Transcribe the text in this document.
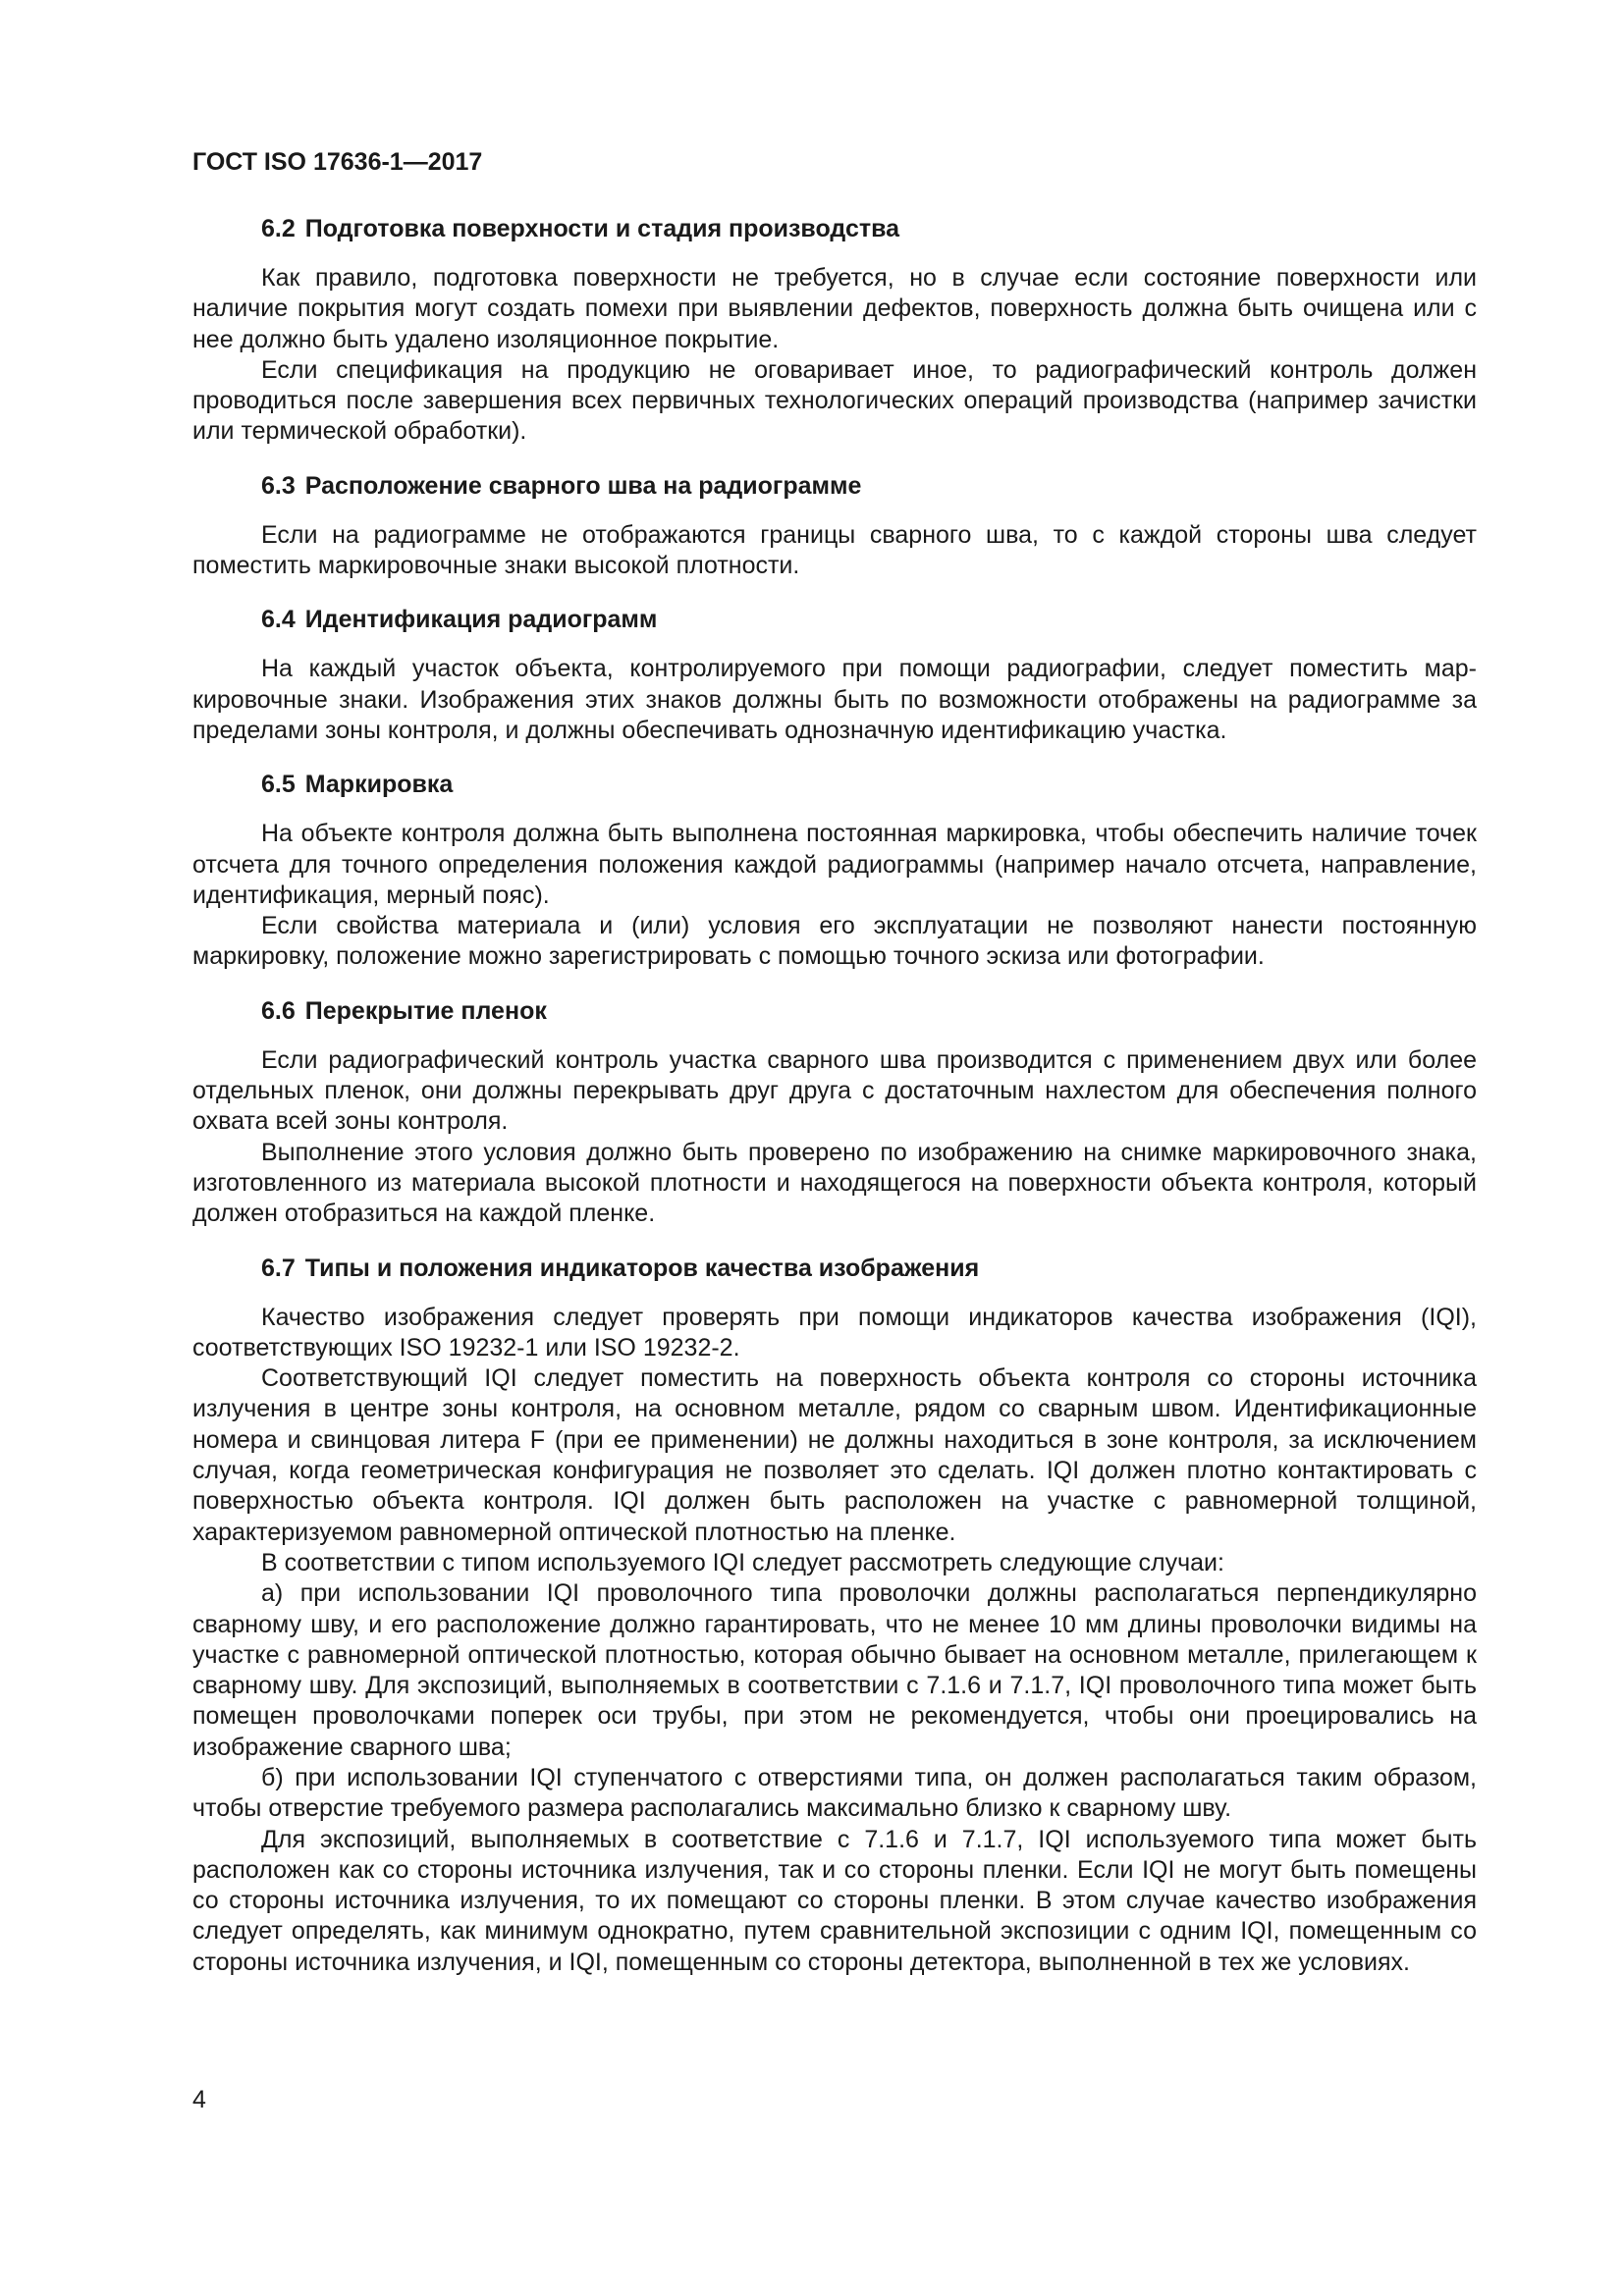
ГОСТ ISO 17636-1—2017
6.2 Подготовка поверхности и стадия производства

Как правило, подготовка поверхности не требуется, но в случае если состояние поверхности или наличие покрытия могут создать помехи при выявлении дефектов, поверхность должна быть очищена или с нее должно быть удалено изоляционное покрытие.

Если спецификация на продукцию не оговаривает иное, то радиографический контроль должен проводиться после завершения всех первичных технологических операций производства (например зачистки или термической обработки).

6.3 Расположение сварного шва на радиограмме

Если на радиограмме не отображаются границы сварного шва, то с каждой стороны шва следует поместить маркировочные знаки высокой плотности.

6.4 Идентификация радиограмм

На каждый участок объекта, контролируемого при помощи радиографии, следует поместить маркировочные знаки. Изображения этих знаков должны быть по возможности отображены на радиограмме за пределами зоны контроля, и должны обеспечивать однозначную идентификацию участка.

6.5 Маркировка

На объекте контроля должна быть выполнена постоянная маркировка, чтобы обеспечить наличие точек отсчета для точного определения положения каждой радиограммы (например начало отсчета, направление, идентификация, мерный пояс).

Если свойства материала и (или) условия его эксплуатации не позволяют нанести постоянную маркировку, положение можно зарегистрировать с помощью точного эскиза или фотографии.

6.6 Перекрытие пленок

Если радиографический контроль участка сварного шва производится с применением двух или более отдельных пленок, они должны перекрывать друг друга с достаточным нахлестом для обеспечения полного охвата всей зоны контроля.

Выполнение этого условия должно быть проверено по изображению на снимке маркировочного знака, изготовленного из материала высокой плотности и находящегося на поверхности объекта контроля, который должен отобразиться на каждой пленке.

6.7 Типы и положения индикаторов качества изображения

Качество изображения следует проверять при помощи индикаторов качества изображения (IQI), соответствующих ISO 19232-1 или ISO 19232-2.

Соответствующий IQI следует поместить на поверхность объекта контроля со стороны источника излучения в центре зоны контроля, на основном металле, рядом со сварным швом. Идентификационные номера и свинцовая литера F (при ее применении) не должны находиться в зоне контроля, за исключением случая, когда геометрическая конфигурация не позволяет это сделать. IQI должен плотно контактировать с поверхностью объекта контроля. IQI должен быть расположен на участке с равномерной толщиной, характеризуемом равномерной оптической плотностью на пленке.

В соответствии с типом используемого IQI следует рассмотреть следующие случаи:

а) при использовании IQI проволочного типа проволочки должны располагаться перпендикулярно сварному шву, и его расположение должно гарантировать, что не менее 10 мм длины проволочки видимы на участке с равномерной оптической плотностью, которая обычно бывает на основном металле, прилегающем к сварному шву. Для экспозиций, выполняемых в соответствии с 7.1.6 и 7.1.7, IQI проволочного типа может быть помещен проволочками поперек оси трубы, при этом не рекомендуется, чтобы они проецировались на изображение сварного шва;

б) при использовании IQI ступенчатого с отверстиями типа, он должен располагаться таким образом, чтобы отверстие требуемого размера располагались максимально близко к сварному шву.

Для экспозиций, выполняемых в соответствие с 7.1.6 и 7.1.7, IQI используемого типа может быть расположен как со стороны источника излучения, так и со стороны пленки. Если IQI не могут быть помещены со стороны источника излучения, то их помещают со стороны пленки. В этом случае качество изображения следует определять, как минимум однократно, путем сравнительной экспозиции с одним IQI, помещенным со стороны источника излучения, и IQI, помещенным со стороны детектора, выполненной в тех же условиях.

4
